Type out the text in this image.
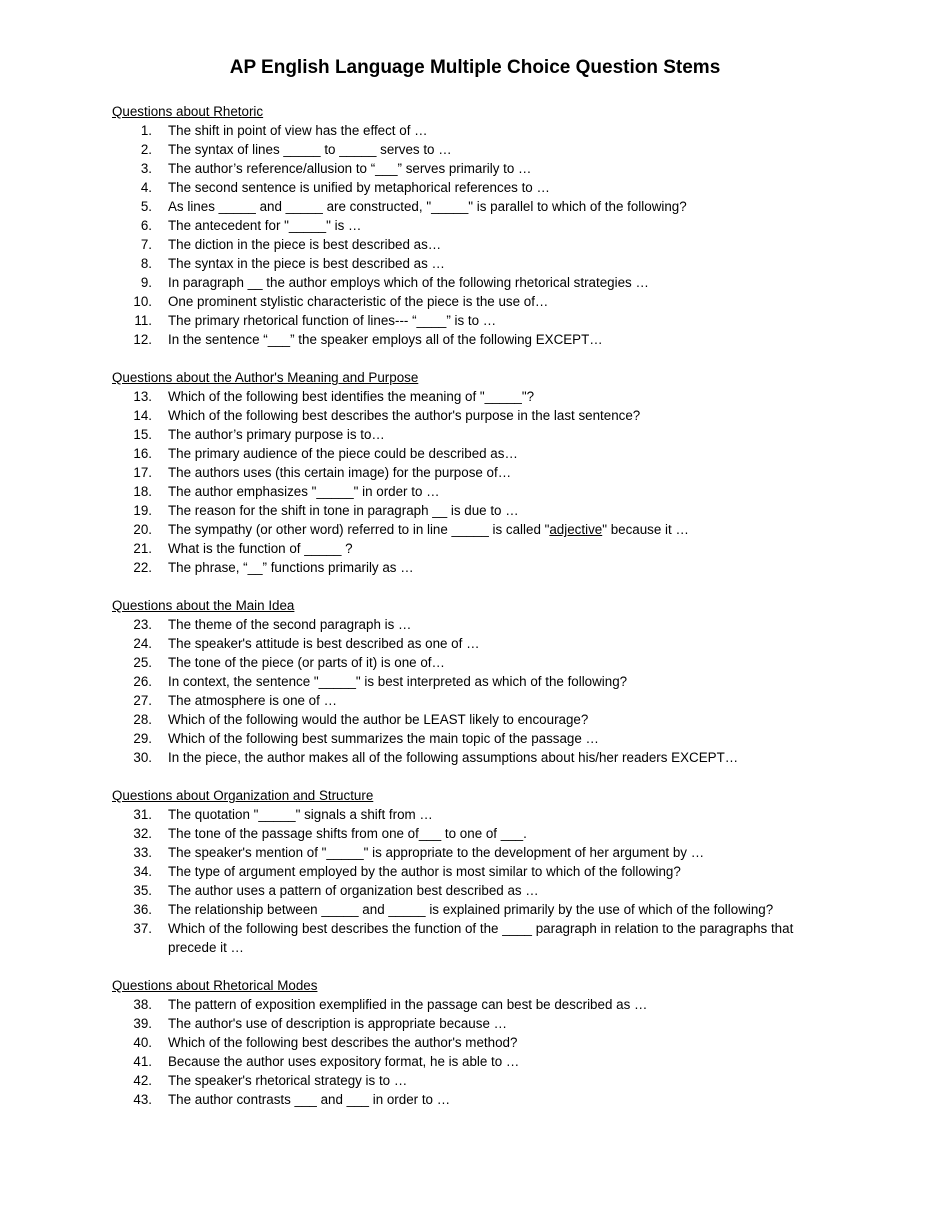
AP English Language Multiple Choice Question Stems
Questions about Rhetoric
1. The shift in point of view has the effect of …
2. The syntax of lines _____ to _____ serves to …
3. The author’s reference/allusion to “___” serves primarily to …
4. The second sentence is unified by metaphorical references to …
5. As lines _____ and _____ are constructed, "_____" is parallel to which of the following?
6. The antecedent for "_____" is …
7. The diction in the piece is best described as…
8. The syntax in the piece is best described as …
9. In paragraph __ the author employs which of the following rhetorical strategies …
10. One prominent stylistic characteristic of the piece is the use of…
11. The primary rhetorical function of lines--- “____” is to …
12. In the sentence “___” the speaker employs all of the following EXCEPT…
Questions about the Author's Meaning and Purpose
13. Which of the following best identifies the meaning of "_____"?
14. Which of the following best describes the author's purpose in the last sentence?
15. The author’s primary purpose is to…
16. The primary audience of the piece could be described as…
17. The authors uses (this certain image) for the purpose of…
18. The author emphasizes "_____" in order to …
19. The reason for the shift in tone in paragraph __ is due to …
20. The sympathy (or other word) referred to in line _____ is called "adjective" because it …
21. What is the function of _____ ?
22. The phrase, “__” functions primarily as …
Questions about the Main Idea
23. The theme of the second paragraph is …
24. The speaker's attitude is best described as one of …
25. The tone of the piece (or parts of it) is one of…
26. In context, the sentence "_____" is best interpreted as which of the following?
27. The atmosphere is one of …
28. Which of the following would the author be LEAST likely to encourage?
29. Which of the following best summarizes the main topic of the passage …
30. In the piece, the author makes all of the following assumptions about his/her readers EXCEPT…
Questions about Organization and Structure
31. The quotation "_____" signals a shift from …
32. The tone of the passage shifts from one of___ to one of ___.
33. The speaker's mention of "_____" is appropriate to the development of her argument by …
34. The type of argument employed by the author is most similar to which of the following?
35. The author uses a pattern of organization best described as …
36. The relationship between _____ and _____ is explained primarily by the use of which of the following?
37. Which of the following best describes the function of the ____ paragraph in relation to the paragraphs that precede it …
Questions about Rhetorical Modes
38. The pattern of exposition exemplified in the passage can best be described as …
39. The author's use of description is appropriate because …
40. Which of the following best describes the author's method?
41. Because the author uses expository format, he is able to …
42. The speaker's rhetorical strategy is to …
43. The author contrasts ___ and ___ in order to …
